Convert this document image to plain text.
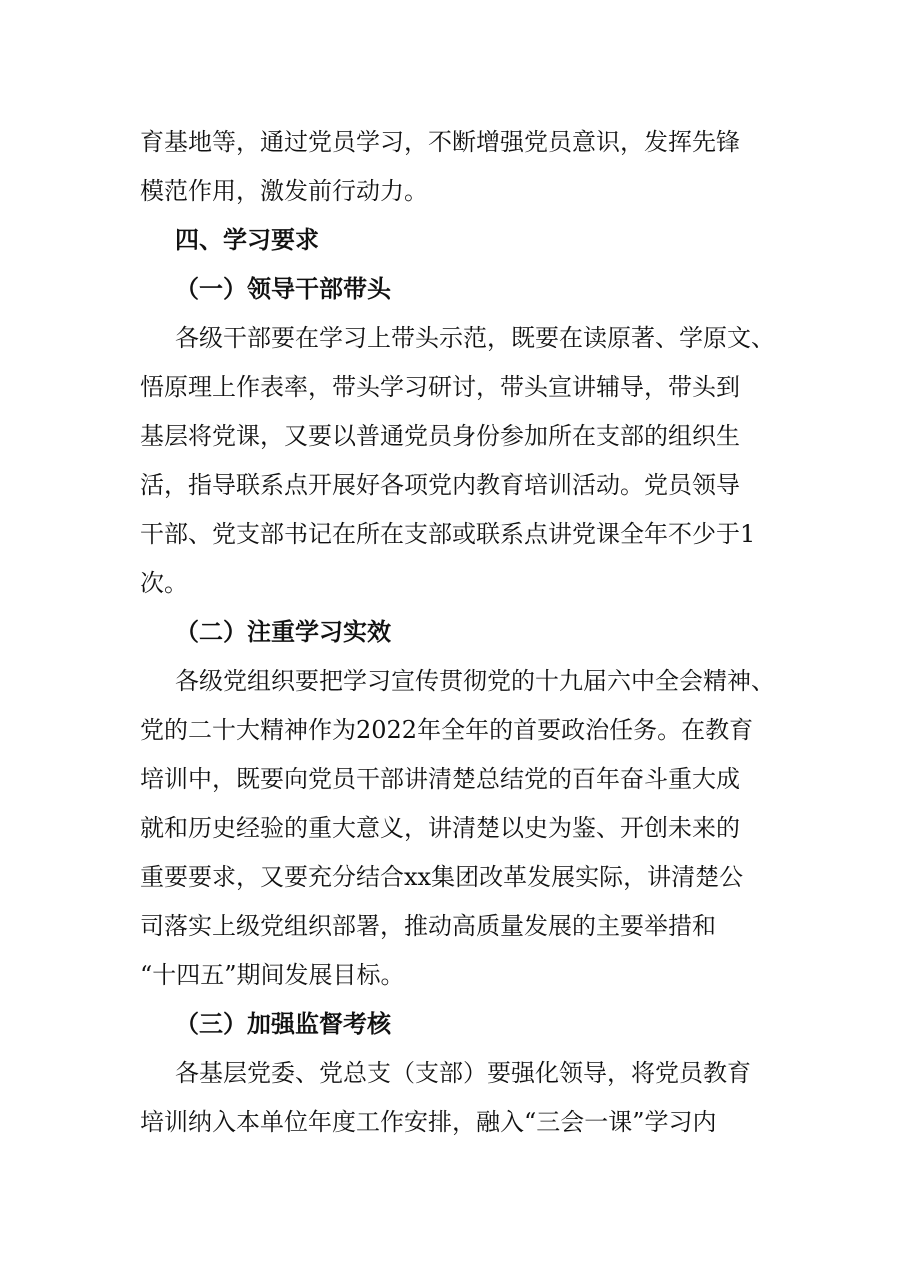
育基地等，通过党员学习，不断增强党员意识，发挥先锋

模范作用，激发前行动力。

四、学习要求

（一）领导干部带头

各级干部要在学习上带头示范，既要在读原著、学原文、

悟原理上作表率，带头学习研讨，带头宣讲辅导，带头到

基层将党课，又要以普通党员身份参加所在支部的组织生

活，指导联系点开展好各项党内教育培训活动。党员领导

干部、党支部书记在所在支部或联系点讲党课全年不少于1

次。

（二）注重学习实效

各级党组织要把学习宣传贯彻党的十九届六中全会精神、

党的二十大精神作为2022年全年的首要政治任务。在教育

培训中，既要向党员干部讲清楚总结党的百年奋斗重大成

就和历史经验的重大意义，讲清楚以史为鉴、开创未来的

重要要求，又要充分结合xx集团改革发展实际，讲清楚公

司落实上级党组织部署，推动高质量发展的主要举措和

“十四五”期间发展目标。

（三）加强监督考核

各基层党委、党总支（支部）要强化领导，将党员教育

培训纳入本单位年度工作安排，融入“三会一课”学习内
